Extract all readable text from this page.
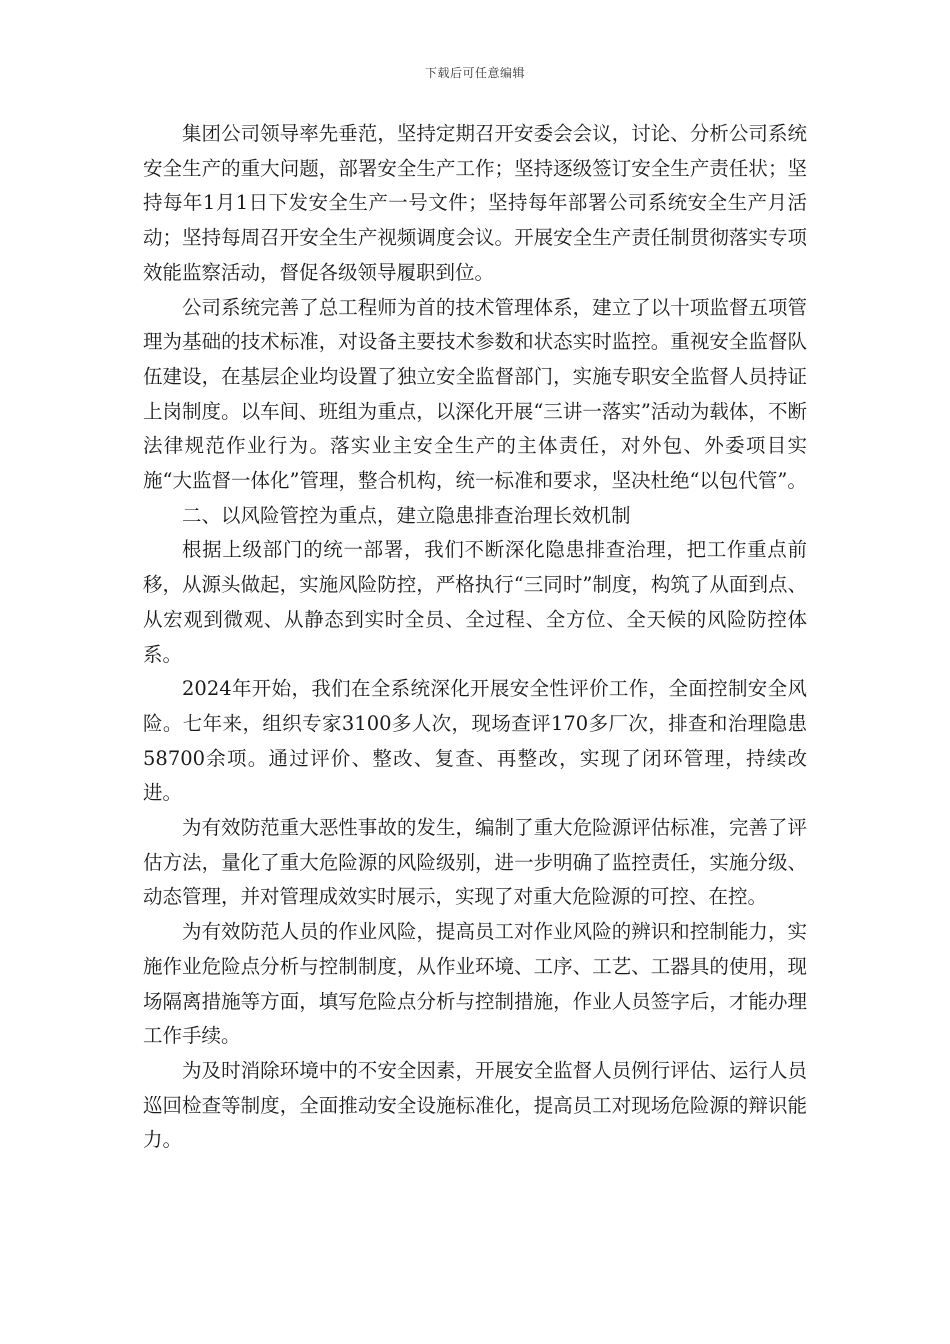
下载后可任意编辑

集团公司领导率先垂范，坚持定期召开安委会会议，讨论、分析公司系统安全生产的重大问题，部署安全生产工作；坚持逐级签订安全生产责任状；坚持每年1月1日下发安全生产一号文件；坚持每年部署公司系统安全生产月活动；坚持每周召开安全生产视频调度会议。开展安全生产责任制贯彻落实专项效能监察活动，督促各级领导履职到位。

公司系统完善了总工程师为首的技术管理体系，建立了以十项监督五项管理为基础的技术标准，对设备主要技术参数和状态实时监控。重视安全监督队伍建设，在基层企业均设置了独立安全监督部门，实施专职安全监督人员持证上岗制度。以车间、班组为重点，以深化开展“三讲一落实”活动为载体，不断法律规范作业行为。落实业主安全生产的主体责任，对外包、外委项目实施“大监督一体化”管理，整合机构，统一标准和要求，坚决杜绝“以包代管”。

二、以风险管控为重点，建立隐患排查治理长效机制

根据上级部门的统一部署，我们不断深化隐患排查治理，把工作重点前移，从源头做起，实施风险防控，严格执行“三同时”制度，构筑了从面到点、从宏观到微观、从静态到实时全员、全过程、全方位、全天候的风险防控体系。

2024年开始，我们在全系统深化开展安全性评价工作，全面控制安全风险。七年来，组织专家3100多人次，现场查评170多厂次，排查和治理隐患58700余项。通过评价、整改、复查、再整改，实现了闭环管理，持续改进。

为有效防范重大恶性事故的发生，编制了重大危险源评估标准，完善了评估方法，量化了重大危险源的风险级别，进一步明确了监控责任，实施分级、动态管理，并对管理成效实时展示，实现了对重大危险源的可控、在控。

为有效防范人员的作业风险，提高员工对作业风险的辨识和控制能力，实施作业危险点分析与控制制度，从作业环境、工序、工艺、工器具的使用，现场隔离措施等方面，填写危险点分析与控制措施，作业人员签字后，才能办理工作手续。

为及时消除环境中的不安全因素，开展安全监督人员例行评估、运行人员巡回检查等制度，全面推动安全设施标准化，提高员工对现场危险源的辩识能力。
